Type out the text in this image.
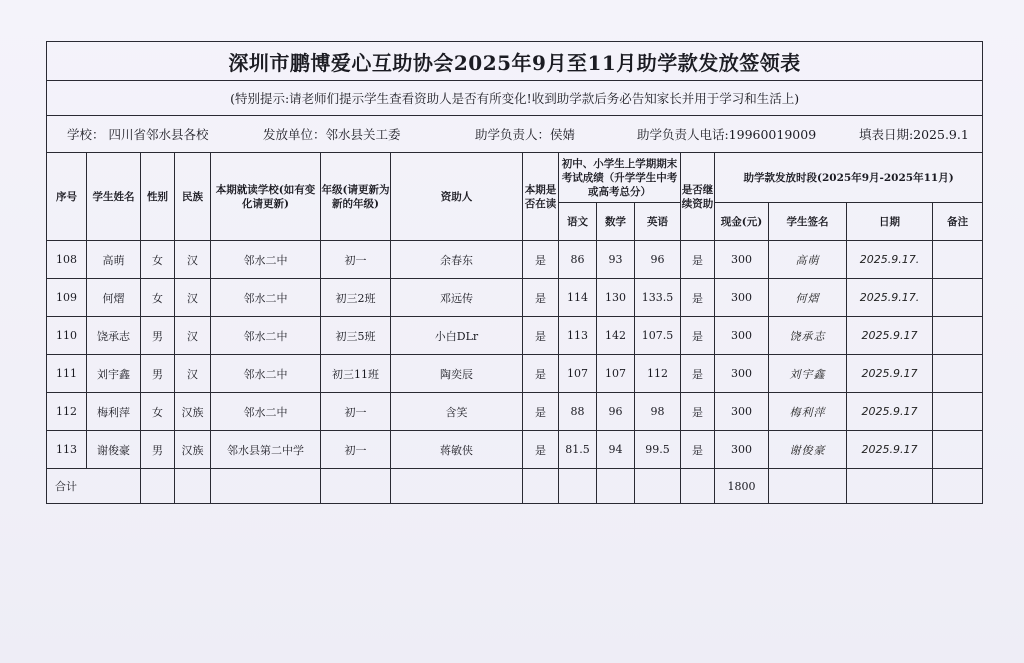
深圳市鹏博爱心互助协会2025年9月至11月助学款发放签领表															
(特别提示:请老师们提示学生查看资助人是否有所变化!收到助学款后务必告知家长并用于学习和生活上)															
学校： 四川省邻水县各校 发放单位：邻水县关工委 助学负责人：侯婧 助学负责人电话:19960019009 填表日期:2025.9.1															
序号	学生姓名	性别	民族	本期就读学校(如有变化请更新)	年级(请更新为新的年级)	资助人	本期是否在读	初中、小学生上学期期末考试成绩（升学学生中考或高考总分）			是否继续资助	助学款发放时段(2025年9月-2025年11月)			
								语文	数学	英语		现金(元)	学生签名	日期	备注
108	高萌	女	汉	邻水二中	初一	余春东	是	86	93	96	是	300	高萌	2025.9.17.	
109	何熠	女	汉	邻水二中	初三2班	邓远传	是	114	130	133.5	是	300	何熠	2025.9.17.	
110	饶承志	男	汉	邻水二中	初三5班	小白DLr	是	113	142	107.5	是	300	饶承志	2025.9.17	
111	刘宇鑫	男	汉	邻水二中	初三11班	陶奕辰	是	107	107	112	是	300	刘宇鑫	2025.9.17	
112	梅利萍	女	汉族	邻水二中	初一	含笑	是	88	96	98	是	300	梅利萍	2025.9.17	
113	谢俊豪	男	汉族	邻水县第二中学	初一	蒋敏侠	是	81.5	94	99.5	是	300	谢俊豪	2025.9.17	
合计												1800			
